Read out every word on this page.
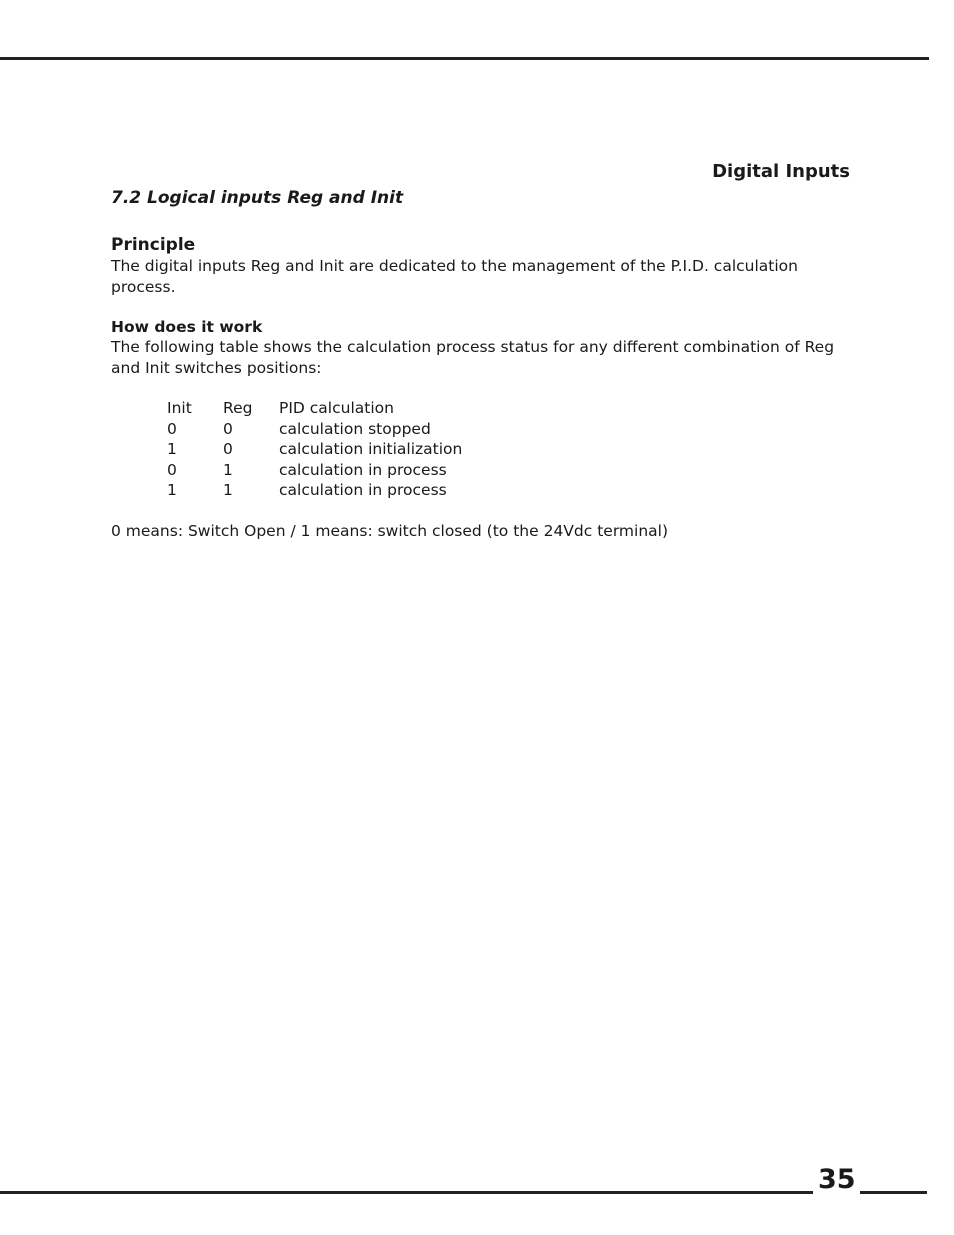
Digital Inputs

7.2 Logical inputs Reg and Init

Principle

The digital inputs Reg and Init are dedicated to the management of the P.I.D. calculation process.

How does it work

The following table shows the calculation process status for any different combination of Reg and Init switches positions:

Init	Reg	PID calculation
0	0	calculation stopped
1	0	calculation initialization
0	1	calculation in process
1	1	calculation in process

0 means: Switch Open / 1 means: switch closed (to the 24Vdc terminal)

35
